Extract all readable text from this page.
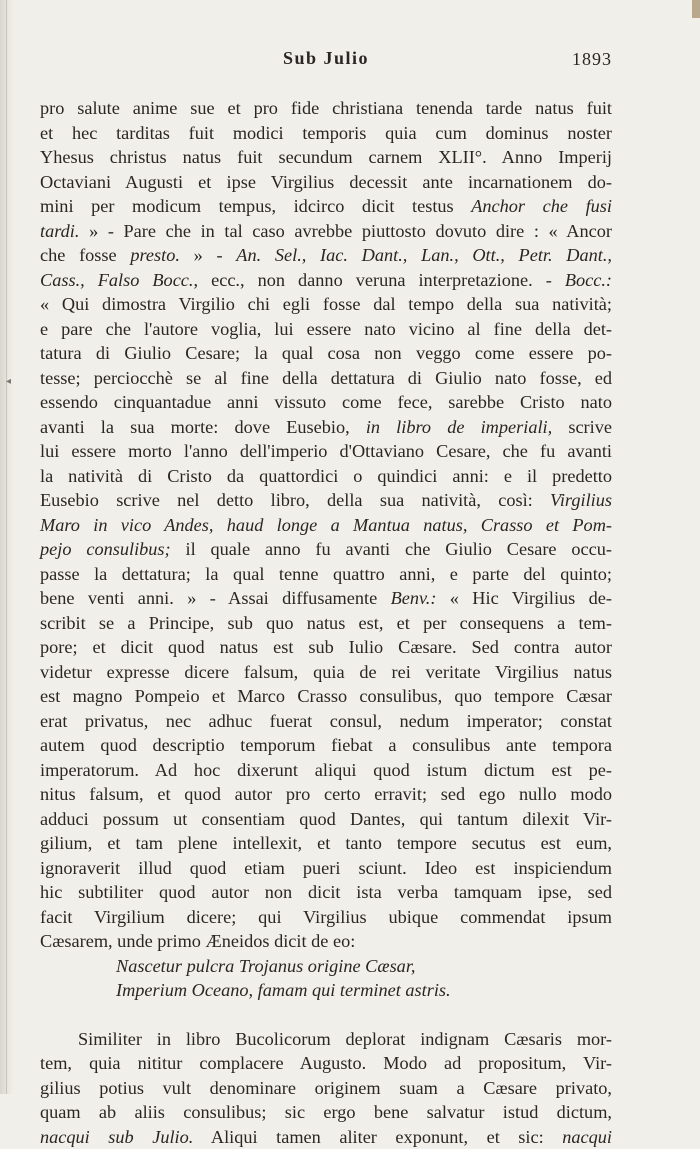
◂
Sub Julio	1893
pro salute anime sue et pro fide christiana tenenda tarde natus fuit
et hec tarditas fuit modici temporis quia cum dominus noster
Yhesus christus natus fuit secundum carnem XLII°. Anno Imperij
Octaviani Augusti et ipse Virgilius decessit ante incarnationem do-
mini per modicum tempus, idcirco dicit testus Anchor che fusi
tardi. » - Pare che in tal caso avrebbe piuttosto dovuto dire : « Ancor
che fosse presto. » - An. Sel., Iac. Dant., Lan., Ott., Petr. Dant.,
Cass., Falso Bocc., ecc., non danno veruna interpretazione. - Bocc.:
« Qui dimostra Virgilio chi egli fosse dal tempo della sua natività;
e pare che l'autore voglia, lui essere nato vicino al fine della det-
tatura di Giulio Cesare; la qual cosa non veggo come essere po-
tesse; perciocchè se al fine della dettatura di Giulio nato fosse, ed
essendo cinquantadue anni vissuto come fece, sarebbe Cristo nato
avanti la sua morte: dove Eusebio, in libro de imperiali, scrive
lui essere morto l'anno dell'imperio d'Ottaviano Cesare, che fu avanti
la natività di Cristo da quattordici o quindici anni: e il predetto
Eusebio scrive nel detto libro, della sua natività, così: Virgilius
Maro in vico Andes, haud longe a Mantua natus, Crasso et Pom-
pejo consulibus; il quale anno fu avanti che Giulio Cesare occu-
passe la dettatura; la qual tenne quattro anni, e parte del quinto;
bene venti anni. » - Assai diffusamente Benv.: « Hic Virgilius de-
scribit se a Principe, sub quo natus est, et per consequens a tem-
pore; et dicit quod natus est sub Iulio Cæsare. Sed contra autor
videtur expresse dicere falsum, quia de rei veritate Virgilius natus
est magno Pompeio et Marco Crasso consulibus, quo tempore Cæsar
erat privatus, nec adhuc fuerat consul, nedum imperator; constat
autem quod descriptio temporum fiebat a consulibus ante tempora
imperatorum. Ad hoc dixerunt aliqui quod istum dictum est pe-
nitus falsum, et quod autor pro certo erravit; sed ego nullo modo
adduci possum ut consentiam quod Dantes, qui tantum dilexit Vir-
gilium, et tam plene intellexit, et tanto tempore secutus est eum,
ignoraverit illud quod etiam pueri sciunt. Ideo est inspiciendum
hic subtiliter quod autor non dicit ista verba tamquam ipse, sed
facit Virgilium dicere; qui Virgilius ubique commendat ipsum
Cæsarem, unde primo Æneidos dicit de eo:
Nascetur pulcra Trojanus origine Cæsar,
Imperium Oceano, famam qui terminet astris.
Similiter in libro Bucolicorum deplorat indignam Cæsaris mor-
tem, quia nititur complacere Augusto. Modo ad propositum, Vir-
gilius potius vult denominare originem suam a Cæsare privato,
quam ab aliis consulibus; sic ergo bene salvatur istud dictum,
nacqui sub Julio. Aliqui tamen aliter exponunt, et sic: nacqui
